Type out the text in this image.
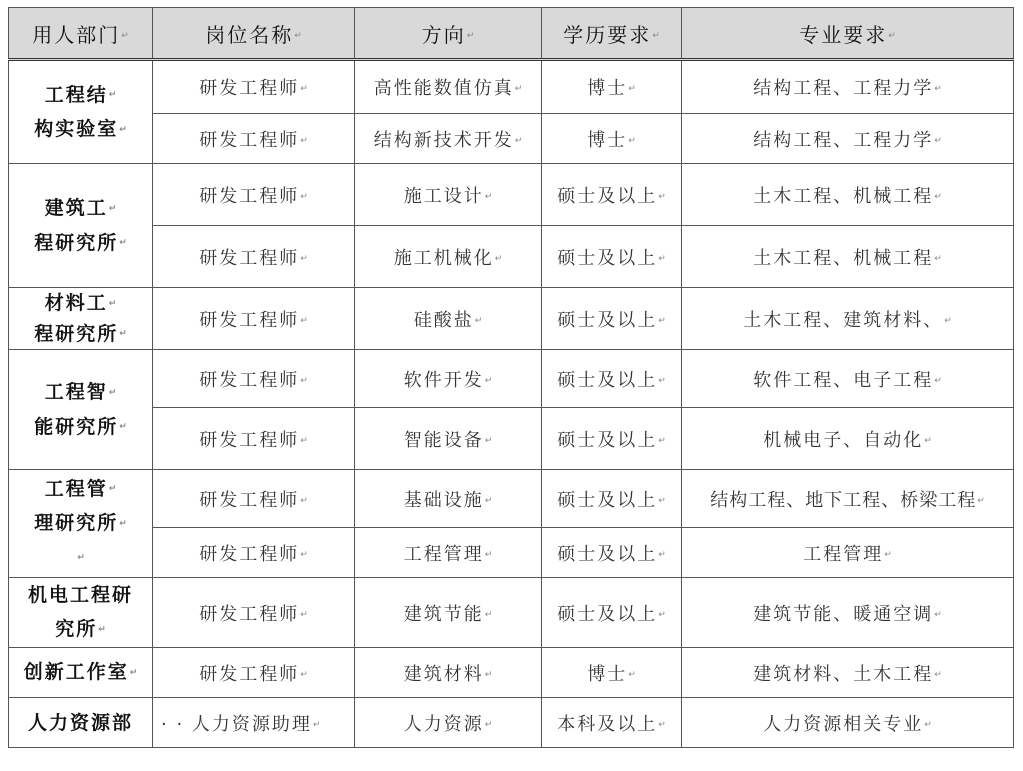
用人部门↵	岗位名称↵	方向↵	学历要求↵	专业要求↵

工程结↵
构实验室↵	研发工程师↵	高性能数值仿真↵	博士↵	结构工程、工程力学↵
	研发工程师↵	结构新技术开发↵	博士↵	结构工程、工程力学↵

建筑工↵
程研究所↵	研发工程师↵	施工设计↵	硕士及以上↵	土木工程、机械工程↵
	研发工程师↵	施工机械化↵	硕士及以上↵	土木工程、机械工程↵

材料工↵
程研究所↵	研发工程师↵	硅酸盐↵	硕士及以上↵	土木工程、建筑材料、↵

工程智↵
能研究所↵	研发工程师↵	软件开发↵	硕士及以上↵	软件工程、电子工程↵
	研发工程师↵	智能设备↵	硕士及以上↵	机械电子、自动化↵

工程管↵
理研究所↵
↵	研发工程师↵	基础设施↵	硕士及以上↵	结构工程、地下工程、桥梁工程↵
	研发工程师↵	工程管理↵	硕士及以上↵	工程管理↵

机电工程研
究所↵	研发工程师↵	建筑节能↵	硕士及以上↵	建筑节能、暖通空调↵
创新工作室↵	研发工程师↵	建筑材料↵	博士↵	建筑材料、土木工程↵
人力资源部	· · 人力资源助理↵	人力资源↵	本科及以上↵	人力资源相关专业↵
